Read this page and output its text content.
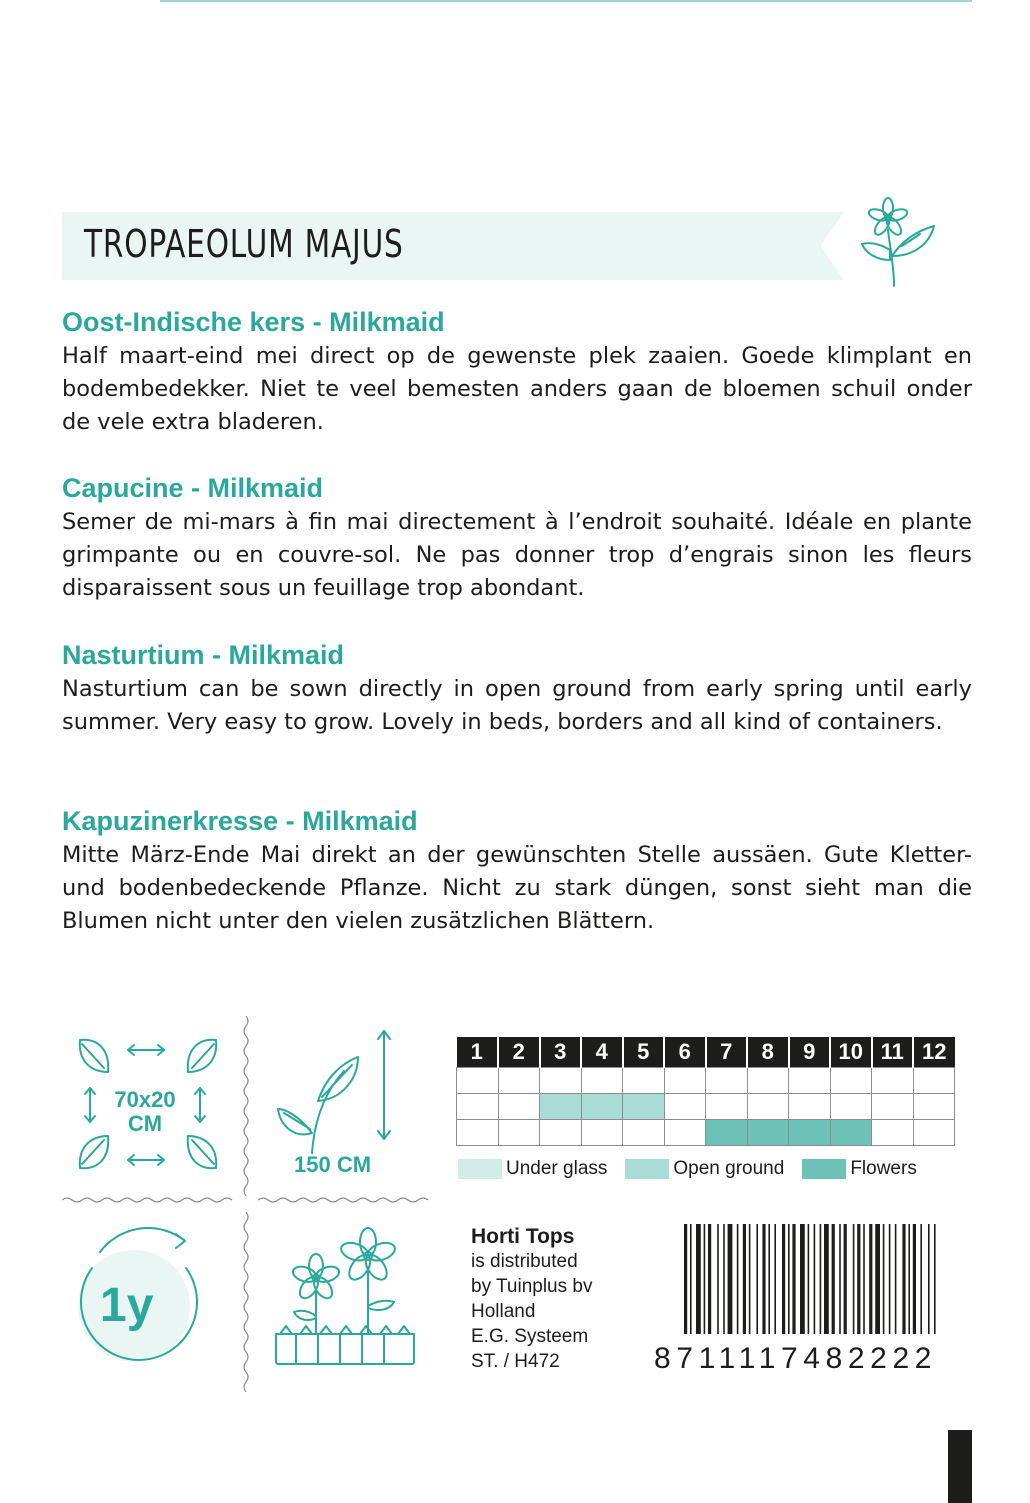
TROPAEOLUM MAJUS
Oost-Indische kers - Milkmaid

Half maart-eind mei direct op de gewenste plek zaaien. Goede klimplant en bodembedekker. Niet te veel bemesten anders gaan de bloemen schuil onder de vele extra bladeren.

Capucine - Milkmaid

Semer de mi-mars à fin mai directement à l’endroit souhaité. Idéale en plante grimpante ou en couvre-sol. Ne pas donner trop d’engrais sinon les fleurs disparaissent sous un feuillage trop abondant.

Nasturtium - Milkmaid

Nasturtium can be sown directly in open ground from early spring until early summer. Very easy to grow. Lovely in beds, borders and all kind of containers.

Kapuzinerkresse - Milkmaid

Mitte März-Ende Mai direkt an der gewünschten Stelle aussäen. Gute Kletter- und bodenbedeckende Pflanze. Nicht zu stark düngen, sonst sieht man die Blumen nicht unter den vielen zusätzlichen Blättern.

70x20
CM
150 CM
1y
1	2	3	4	5	6	7	8	9	10	11	12

Under glass	Open ground	Flowers
Horti Tops
is distributed
by Tuinplus bv
Holland
E.G. Systeem
ST. / H472	8711117482222
